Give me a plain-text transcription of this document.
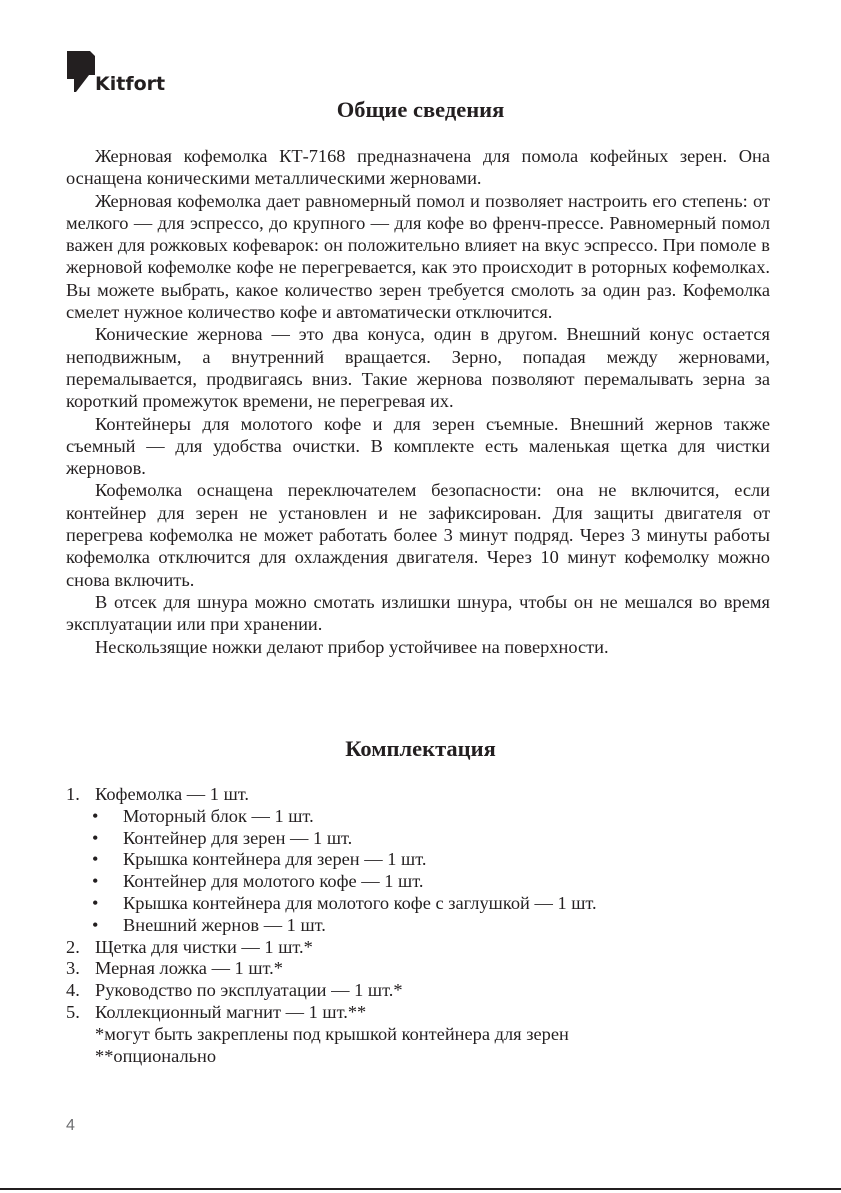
Kitfort
Общие сведения

Жерновая кофемолка КТ-7168 предназначена для помола кофейных зерен. Она оснащена коническими металлическими жерновами.

Жерновая кофемолка дает равномерный помол и позволяет настроить его степень: от мелкого — для эспрессо, до крупного — для кофе во френч-прессе. Равномерный помол важен для рожковых кофеварок: он положительно влияет на вкус эспрессо. При помоле в жерновой кофемолке кофе не перегревается, как это происходит в роторных кофемолках. Вы можете выбрать, какое количество зерен требуется смолоть за один раз. Кофемолка смелет нужное количество кофе и автоматически отключится.

Конические жернова — это два конуса, один в другом. Внешний конус остается неподвижным, а внутренний вращается. Зерно, попадая между жерновами, перемалывается, продвигаясь вниз. Такие жернова позволяют перемалывать зерна за короткий промежуток времени, не перегревая их.

Контейнеры для молотого кофе и для зерен съемные. Внешний жернов также съемный — для удобства очистки. В комплекте есть маленькая щетка для чистки жерновов.

Кофемолка оснащена переключателем безопасности: она не включится, если контейнер для зерен не установлен и не зафиксирован. Для защиты двигателя от перегрева кофемолка не может работать более 3 минут подряд. Через 3 минуты работы кофемолка отключится для охлаждения двигателя. Через 10 минут кофемолку можно снова включить.

В отсек для шнура можно смотать излишки шнура, чтобы он не мешался во время эксплуатации или при хранении.

Нескользящие ножки делают прибор устойчивее на поверхности.

Комплектация
1. Кофемолка — 1 шт.
• Моторный блок — 1 шт.
• Контейнер для зерен — 1 шт.
• Крышка контейнера для зерен — 1 шт.
• Контейнер для молотого кофе — 1 шт.
• Крышка контейнера для молотого кофе с заглушкой — 1 шт.
• Внешний жернов — 1 шт.
2. Щетка для чистки — 1 шт.*
3. Мерная ложка — 1 шт.*
4. Руководство по эксплуатации — 1 шт.*
5. Коллекционный магнит — 1 шт.**
*могут быть закреплены под крышкой контейнера для зерен
**опционально
4
